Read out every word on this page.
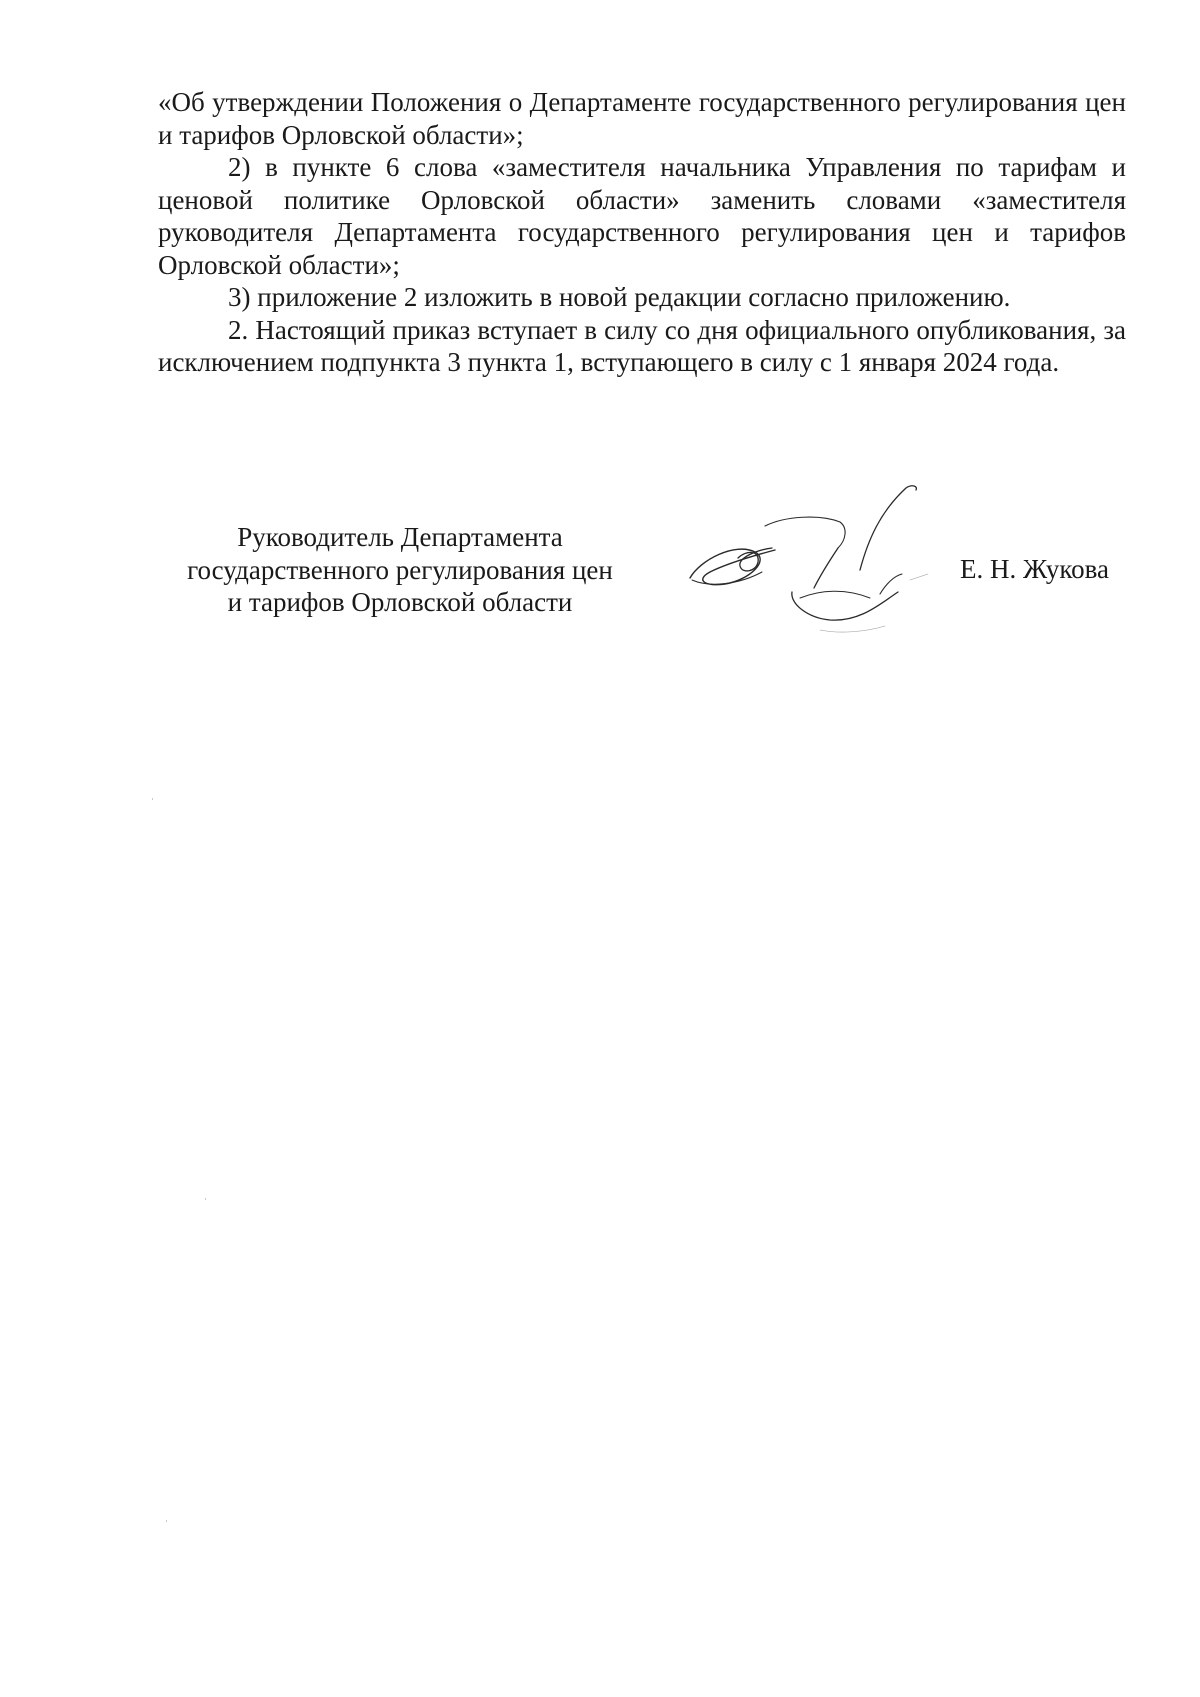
«Об утверждении Положения о Департаменте государственного регулирования цен и тарифов Орловской области»;

2) в пункте 6 слова «заместителя начальника Управления по тарифам и ценовой политике Орловской области» заменить словами «заместителя руководителя Департамента государственного регулирования цен и тарифов Орловской области»;

3) приложение 2 изложить в новой редакции согласно приложению.

2. Настоящий приказ вступает в силу со дня официального опубликования, за исключением подпункта 3 пункта 1, вступающего в силу с 1 января 2024 года.

Руководитель Департамента
государственного регулирования цен
и тарифов Орловской области
Е. Н. Жукова
